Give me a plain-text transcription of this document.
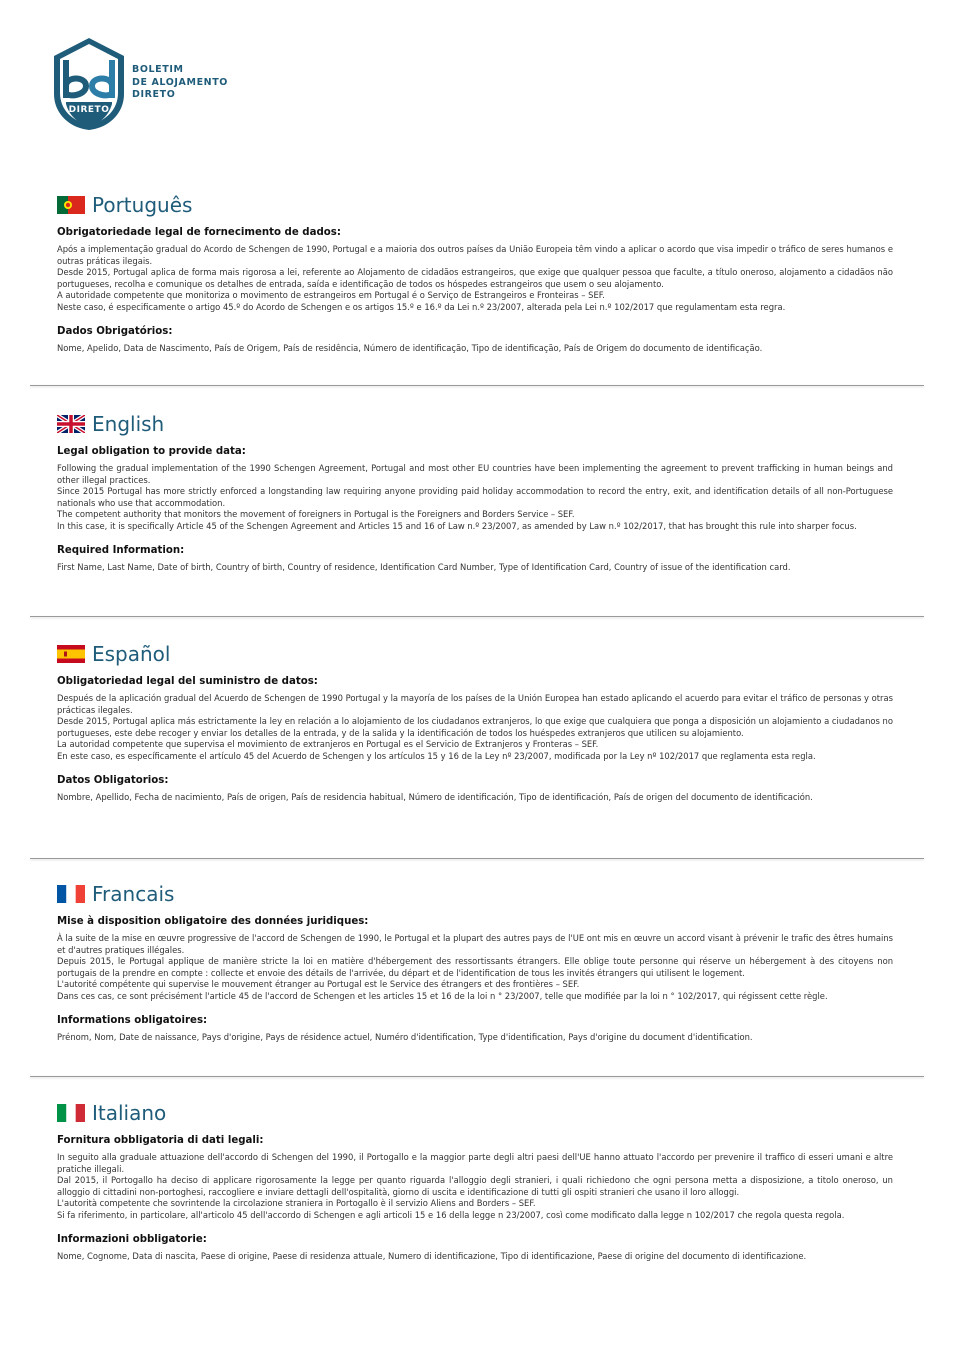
DIRETO
BOLETIM
DE ALOJAMENTO
DIRETO
Português
Obrigatoriedade legal de fornecimento de dados:

Após a implementação gradual do Acordo de Schengen de 1990, Portugal e a maioria dos outros países da União Europeia têm vindo a aplicar o acordo que visa impedir o tráfico de seres humanos e outras práticas ilegais.

Desde 2015, Portugal aplica de forma mais rigorosa a lei, referente ao Alojamento de cidadãos estrangeiros, que exige que qualquer pessoa que faculte, a título oneroso, alojamento a cidadãos não portugueses, recolha e comunique os detalhes de entrada, saída e identificação de todos os hóspedes estrangeiros que usem o seu alojamento.

A autoridade competente que monitoriza o movimento de estrangeiros em Portugal é o Serviço de Estrangeiros e Fronteiras – SEF.

Neste caso, é especificamente o artigo 45.º do Acordo de Schengen e os artigos 15.º e 16.º da Lei n.º 23/2007, alterada pela Lei n.º 102/2017 que regulamentam esta regra.

Dados Obrigatórios:
Nome, Apelido, Data de Nascimento, País de Origem, País de residência, Número de identificação, Tipo de identificação, País de Origem do documento de identificação.
English
Legal obligation to provide data:

Following the gradual implementation of the 1990 Schengen Agreement, Portugal and most other EU countries have been implementing the agreement to prevent trafficking in human beings and other illegal practices.

Since 2015 Portugal has more strictly enforced a longstanding law requiring anyone providing paid holiday accommodation to record the entry, exit, and identification details of all non-Portuguese nationals who use that accommodation.

The competent authority that monitors the movement of foreigners in Portugal is the Foreigners and Borders Service – SEF.

In this case, it is specifically Article 45 of the Schengen Agreement and Articles 15 and 16 of Law n.º 23/2007, as amended by Law n.º 102/2017, that has brought this rule into sharper focus.

Required Information:
First Name, Last Name, Date of birth, Country of birth, Country of residence, Identification Card Number, Type of Identification Card, Country of issue of the identification card.
Español
Obligatoriedad legal del suministro de datos:

Después de la aplicación gradual del Acuerdo de Schengen de 1990 Portugal y la mayoría de los países de la Unión Europea han estado aplicando el acuerdo para evitar el tráfico de personas y otras prácticas ilegales.

Desde 2015, Portugal aplica más estrictamente la ley en relación a lo alojamiento de los ciudadanos extranjeros, lo que exige que cualquiera que ponga a disposición un alojamiento a ciudadanos no portugueses, este debe recoger y enviar los detalles de la entrada, y de la salida y la identificación de todos los huéspedes extranjeros que utilicen su alojamiento.

La autoridad competente que supervisa el movimiento de extranjeros en Portugal es el Servicio de Extranjeros y Fronteras – SEF.

En este caso, es específicamente el artículo 45 del Acuerdo de Schengen y los artículos 15 y 16 de la Ley nº 23/2007, modificada por la Ley nº 102/2017 que reglamenta esta regla.

Datos Obligatorios:
Nombre, Apellido, Fecha de nacimiento, País de origen, País de residencia habitual, Número de identificación, Tipo de identificación, País de origen del documento de identificación.
Francais
Mise à disposition obligatoire des données juridiques:

À la suite de la mise en œuvre progressive de l'accord de Schengen de 1990, le Portugal et la plupart des autres pays de l'UE ont mis en œuvre un accord visant à prévenir le trafic des êtres humains et d'autres pratiques illégales.

Depuis 2015, le Portugal applique de manière stricte la loi en matière d'hébergement des ressortissants étrangers. Elle oblige toute personne qui réserve un hébergement à des citoyens non portugais de la prendre en compte : collecte et envoie des détails de l'arrivée, du départ et de l'identification de tous les invités étrangers qui utilisent le logement.

L'autorité compétente qui supervise le mouvement étranger au Portugal est le Service des étrangers et des frontières – SEF.

Dans ces cas, ce sont précisément l'article 45 de l'accord de Schengen et les articles 15 et 16 de la loi n ° 23/2007, telle que modifiée par la loi n ° 102/2017, qui régissent cette règle.

Informations obligatoires:
Prénom, Nom, Date de naissance, Pays d'origine, Pays de résidence actuel, Numéro d'identification, Type d'identification, Pays d'origine du document d'identification.
Italiano
Fornitura obbligatoria di dati legali:

In seguito alla graduale attuazione dell'accordo di Schengen del 1990, il Portogallo e la maggior parte degli altri paesi dell'UE hanno attuato l'accordo per prevenire il traffico di esseri umani e altre pratiche illegali.

Dal 2015, il Portogallo ha deciso di applicare rigorosamente la legge per quanto riguarda l'alloggio degli stranieri, i quali richiedono che ogni persona metta a disposizione, a titolo oneroso, un alloggio di cittadini non-portoghesi, raccogliere e inviare dettagli dell'ospitalità, giorno di uscita e identificazione di tutti gli ospiti stranieri che usano il loro alloggi.

L'autorità competente che sovrintende la circolazione straniera in Portogallo è il servizio Aliens and Borders – SEF.

Si fa riferimento, in particolare, all'articolo 45 dell'accordo di Schengen e agli articoli 15 e 16 della legge n 23/2007, così come modificato dalla legge n 102/2017 che regola questa regola.

Informazioni obbligatorie:
Nome, Cognome, Data di nascita, Paese di origine, Paese di residenza attuale, Numero di identificazione, Tipo di identificazione, Paese di origine del documento di identificazione.
